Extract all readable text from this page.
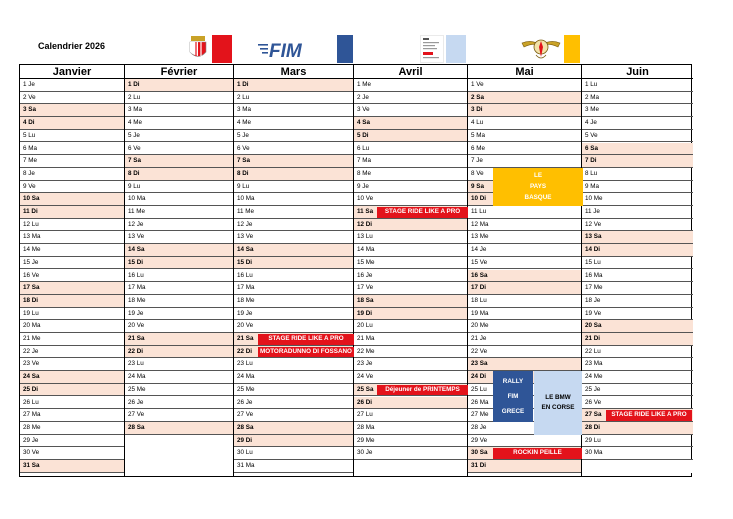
Calendrier 2026	FIM
Janvier
1 Je
2 Ve
3 Sa
4 Di
5 Lu
6 Ma
7 Me
8 Je
9 Ve
10 Sa
11 Di
12 Lu
13 Ma
14 Me
15 Je
16 Ve
17 Sa
18 Di
19 Lu
20 Ma
21 Me
22 Je
23 Ve
24 Sa
25 Di
26 Lu
27 Ma
28 Me
29 Je
30 Ve
31 Sa
Février
1 Di
2 Lu
3 Ma
4 Me
5 Je
6 Ve
7 Sa
8 Di
9 Lu
10 Ma
11 Me
12 Je
13 Ve
14 Sa
15 Di
16 Lu
17 Ma
18 Me
19 Je
20 Ve
21 Sa
22 Di
23 Lu
24 Ma
25 Me
26 Je
27 Ve
28 Sa
Mars
1 Di
2 Lu
3 Ma
4 Me
5 Je
6 Ve
7 Sa
8 Di
9 Lu
10 Ma
11 Me
12 Je
13 Ve
14 Sa
15 Di
16 Lu
17 Ma
18 Me
19 Je
20 Ve
21 Sa
22 Di
23 Lu
24 Ma
25 Me
26 Je
27 Ve
28 Sa
29 Di
30 Lu
31 Ma
Avril
1 Me
2 Je
3 Ve
4 Sa
5 Di
6 Lu
7 Ma
8 Me
9 Je
10 Ve
11 Sa
12 Di
13 Lu
14 Ma
15 Me
16 Je
17 Ve
18 Sa
19 Di
20 Lu
21 Ma
22 Me
23 Je
24 Ve
25 Sa
26 Di
27 Lu
28 Ma
29 Me
30 Je
Mai
1 Ve
2 Sa
3 Di
4 Lu
5 Ma
6 Me
7 Je
8 Ve
9 Sa
10 Di
11 Lu
12 Ma
13 Me
14 Je
15 Ve
16 Sa
17 Di
18 Lu
19 Ma
20 Me
21 Je
22 Ve
23 Sa
24 Di
25 Lu
26 Ma
27 Me
28 Je
29 Ve
30 Sa
31 Di
Juin
1 Lu
2 Ma
3 Me
4 Je
5 Ve
6 Sa
7 Di
8 Lu
9 Ma
10 Me
11 Je
12 Ve
13 Sa
14 Di
15 Lu
16 Ma
17 Me
18 Je
19 Ve
20 Sa
21 Di
22 Lu
23 Ma
24 Me
25 Je
26 Ve
27 Sa
28 Di
29 Lu
30 Ma
STAGE RIDE LIKE A PRO
MOTORADUNNO DI FOSSANO
STAGE RIDE LIKE A PRO
Déjeuner de PRINTEMPS
LE
PAYS
BASQUE
RALLY
FIM
GRECE
LE BMW
EN CORSE
ROCKIN PEILLE
STAGE RIDE LIKE A PRO
